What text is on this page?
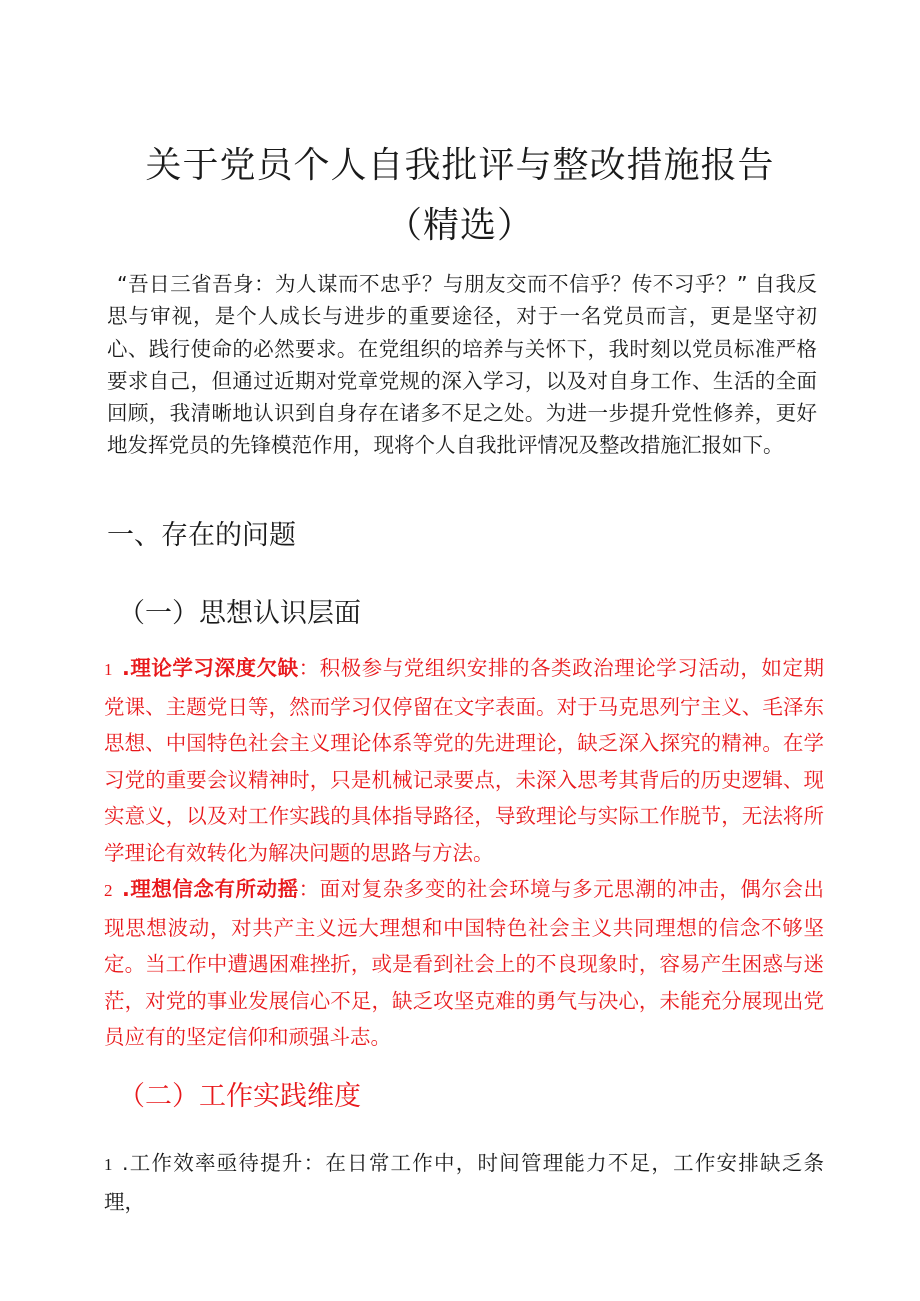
关于党员个人自我批评与整改措施报告
（精选）

“吾日三省吾身：为人谋而不忠乎？与朋友交而不信乎？传不习乎？” 自我反思与审视，是个人成长与进步的重要途径，对于一名党员而言，更是坚守初心、践行使命的必然要求。在党组织的培养与关怀下，我时刻以党员标准严格要求自己，但通过近期对党章党规的深入学习，以及对自身工作、生活的全面回顾，我清晰地认识到自身存在诸多不足之处。为进一步提升党性修养，更好地发挥党员的先锋模范作用，现将个人自我批评情况及整改措施汇报如下。

一、存在的问题
（一）思想认识层面

1 .理论学习深度欠缺：积极参与党组织安排的各类政治理论学习活动，如定期党课、主题党日等，然而学习仅停留在文字表面。对于马克思列宁主义、毛泽东思想、中国特色社会主义理论体系等党的先进理论，缺乏深入探究的精神。在学习党的重要会议精神时，只是机械记录要点，未深入思考其背后的历史逻辑、现实意义，以及对工作实践的具体指导路径，导致理论与实际工作脱节，无法将所学理论有效转化为解决问题的思路与方法。

2 .理想信念有所动摇：面对复杂多变的社会环境与多元思潮的冲击，偶尔会出现思想波动，对共产主义远大理想和中国特色社会主义共同理想的信念不够坚定。当工作中遭遇困难挫折，或是看到社会上的不良现象时，容易产生困惑与迷茫，对党的事业发展信心不足，缺乏攻坚克难的勇气与决心，未能充分展现出党员应有的坚定信仰和顽强斗志。

（二）工作实践维度

1 .工作效率亟待提升：在日常工作中，时间管理能力不足，工作安排缺乏条理，
